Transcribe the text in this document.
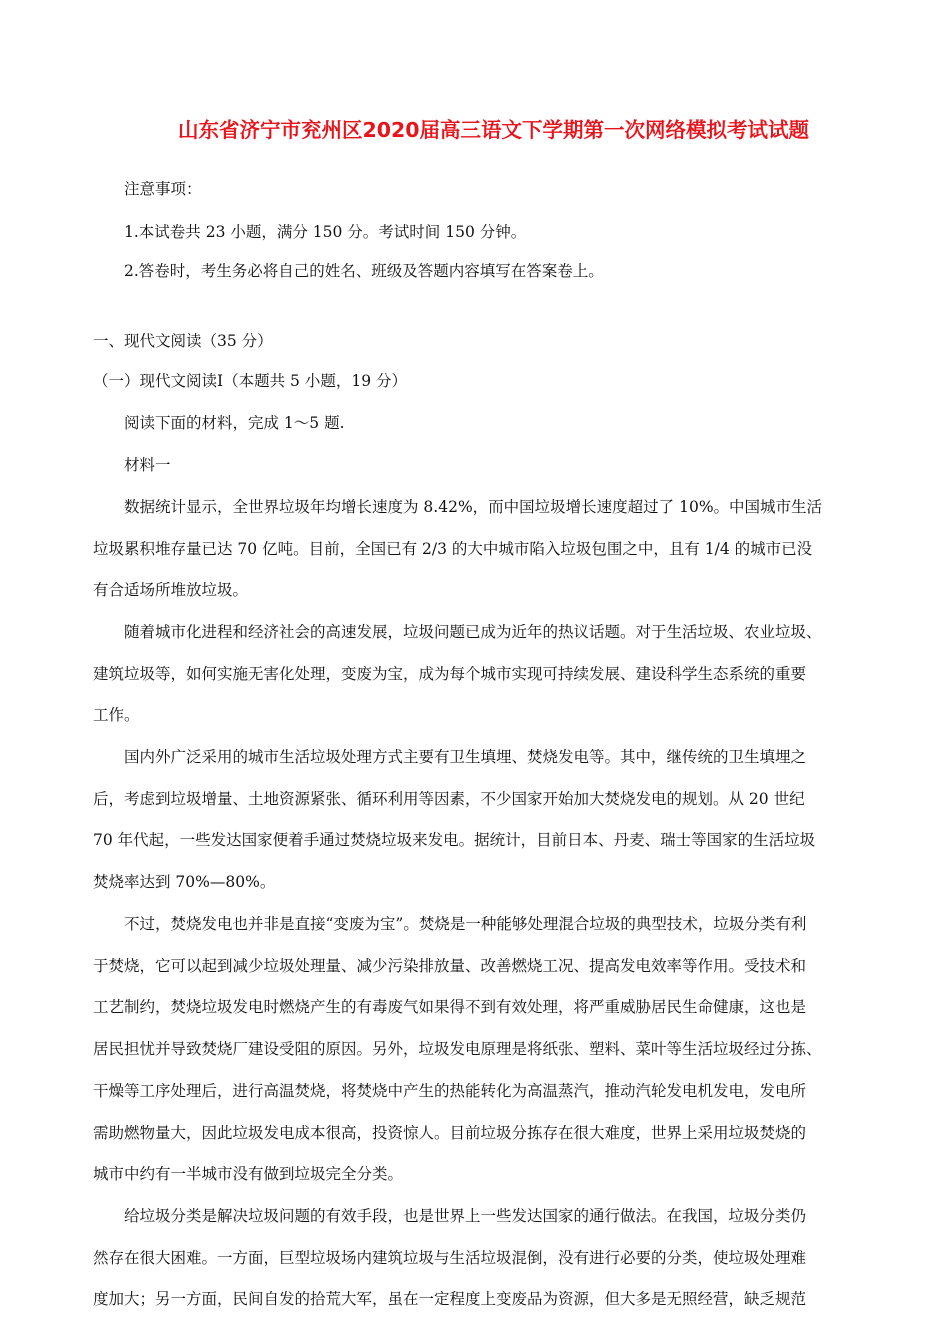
山东省济宁市兖州区2020届高三语文下学期第一次网络模拟考试试题
注意事项：
1.本试卷共 23 小题，满分 150 分。考试时间 150 分钟。
2.答卷时，考生务必将自己的姓名、班级及答题内容填写在答案卷上。
一、现代文阅读（35 分）
（一）现代文阅读Ⅰ（本题共 5 小题，19 分）
阅读下面的材料，完成 1～5 题.
材料一
数据统计显示，全世界垃圾年均增长速度为 8.42%，而中国垃圾增长速度超过了 10%。中国城市生活
垃圾累积堆存量已达 70 亿吨。目前，全国已有 2/3 的大中城市陷入垃圾包围之中，且有 1/4 的城市已没
有合适场所堆放垃圾。
随着城市化进程和经济社会的高速发展，垃圾问题已成为近年的热议话题。对于生活垃圾、农业垃圾、
建筑垃圾等，如何实施无害化处理，变废为宝，成为每个城市实现可持续发展、建设科学生态系统的重要
工作。
国内外广泛采用的城市生活垃圾处理方式主要有卫生填埋、焚烧发电等。其中，继传统的卫生填埋之
后，考虑到垃圾增量、土地资源紧张、循环利用等因素，不少国家开始加大焚烧发电的规划。从 20 世纪
70 年代起，一些发达国家便着手通过焚烧垃圾来发电。据统计，目前日本、丹麦、瑞士等国家的生活垃圾
焚烧率达到 70%—80%。
不过，焚烧发电也并非是直接“变废为宝”。焚烧是一种能够处理混合垃圾的典型技术，垃圾分类有利
于焚烧，它可以起到减少垃圾处理量、减少污染排放量、改善燃烧工况、提高发电效率等作用。受技术和
工艺制约，焚烧垃圾发电时燃烧产生的有毒废气如果得不到有效处理，将严重威胁居民生命健康，这也是
居民担忧并导致焚烧厂建设受阻的原因。另外，垃圾发电原理是将纸张、塑料、菜叶等生活垃圾经过分拣、
干燥等工序处理后，进行高温焚烧，将焚烧中产生的热能转化为高温蒸汽，推动汽轮发电机发电，发电所
需助燃物量大，因此垃圾发电成本很高，投资惊人。目前垃圾分拣存在很大难度，世界上采用垃圾焚烧的
城市中约有一半城市没有做到垃圾完全分类。
给垃圾分类是解决垃圾问题的有效手段，也是世界上一些发达国家的通行做法。在我国，垃圾分类仍
然存在很大困难。一方面，巨型垃圾场内建筑垃圾与生活垃圾混倒，没有进行必要的分类，使垃圾处理难
度加大；另一方面，民间自发的拾荒大军，虽在一定程度上变废品为资源，但大多是无照经营，缺乏规范
